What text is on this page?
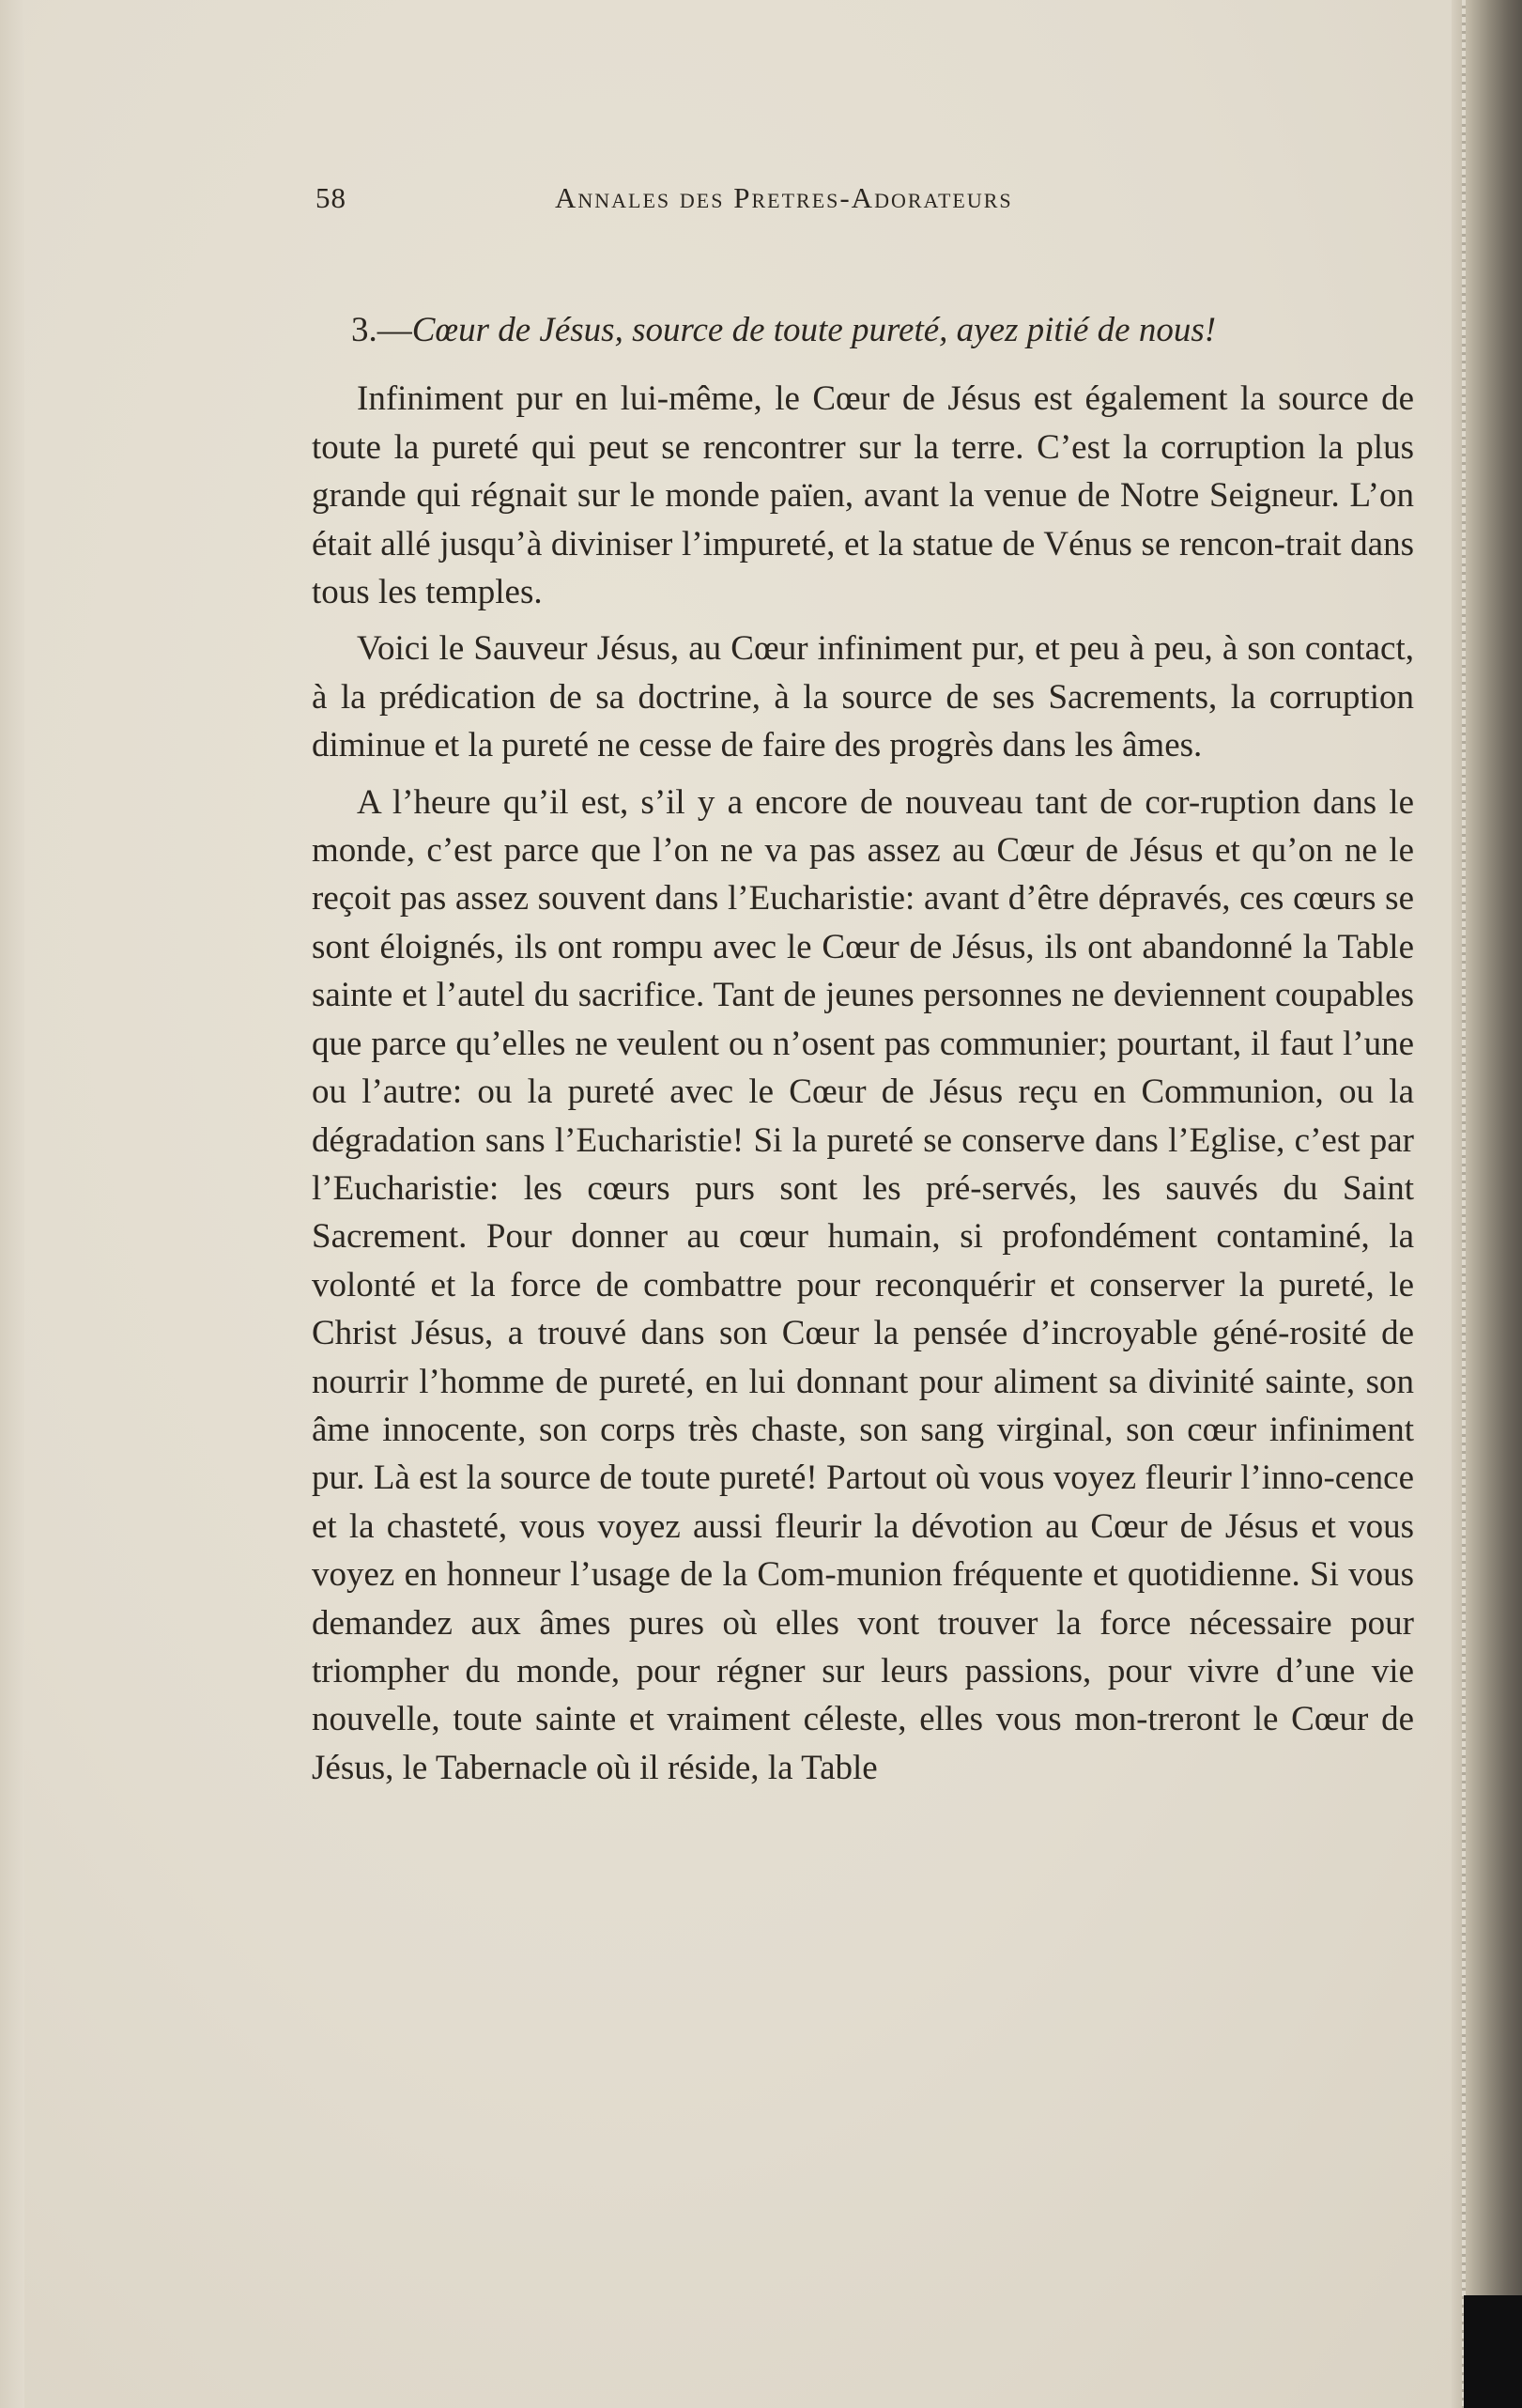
58	Annales des Pretres-Adorateurs

3.—Cœur de Jésus, source de toute pureté, ayez pitié de nous!

Infiniment pur en lui-même, le Cœur de Jésus est également la source de toute la pureté qui peut se rencontrer sur la terre. C’est la corruption la plus grande qui régnait sur le monde païen, avant la venue de Notre Seigneur. L’on était allé jusqu’à diviniser l’impureté, et la statue de Vénus se rencon-trait dans tous les temples.

Voici le Sauveur Jésus, au Cœur infiniment pur, et peu à peu, à son contact, à la prédication de sa doctrine, à la source de ses Sacrements, la corruption diminue et la pureté ne cesse de faire des progrès dans les âmes.

A l’heure qu’il est, s’il y a encore de nouveau tant de cor-ruption dans le monde, c’est parce que l’on ne va pas assez au Cœur de Jésus et qu’on ne le reçoit pas assez souvent dans l’Eucharistie: avant d’être dépravés, ces cœurs se sont éloignés, ils ont rompu avec le Cœur de Jésus, ils ont abandonné la Table sainte et l’autel du sacrifice. Tant de jeunes personnes ne deviennent coupables que parce qu’elles ne veulent ou n’osent pas communier; pourtant, il faut l’une ou l’autre: ou la pureté avec le Cœur de Jésus reçu en Communion, ou la dégradation sans l’Eucharistie! Si la pureté se conserve dans l’Eglise, c’est par l’Eucharistie: les cœurs purs sont les pré-servés, les sauvés du Saint Sacrement. Pour donner au cœur humain, si profondément contaminé, la volonté et la force de combattre pour reconquérir et conserver la pureté, le Christ Jésus, a trouvé dans son Cœur la pensée d’incroyable géné-rosité de nourrir l’homme de pureté, en lui donnant pour aliment sa divinité sainte, son âme innocente, son corps très chaste, son sang virginal, son cœur infiniment pur. Là est la source de toute pureté! Partout où vous voyez fleurir l’inno-cence et la chasteté, vous voyez aussi fleurir la dévotion au Cœur de Jésus et vous voyez en honneur l’usage de la Com-munion fréquente et quotidienne. Si vous demandez aux âmes pures où elles vont trouver la force nécessaire pour triompher du monde, pour régner sur leurs passions, pour vivre d’une vie nouvelle, toute sainte et vraiment céleste, elles vous mon-treront le Cœur de Jésus, le Tabernacle où il réside, la Table
